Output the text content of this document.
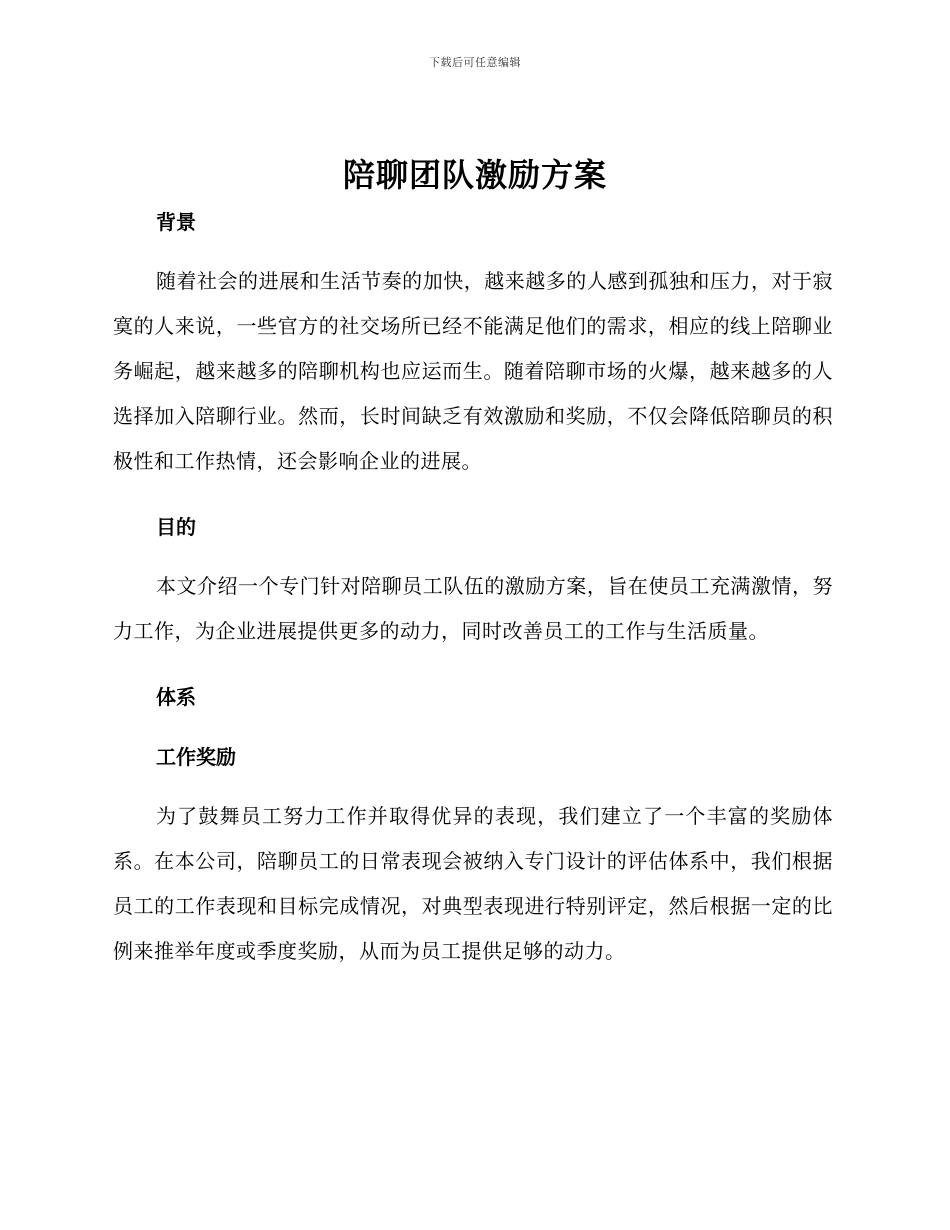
下载后可任意编辑
陪聊团队激励方案
背景

随着社会的进展和生活节奏的加快，越来越多的人感到孤独和压力，对于寂寞的人来说，一些官方的社交场所已经不能满足他们的需求，相应的线上陪聊业务崛起，越来越多的陪聊机构也应运而生。随着陪聊市场的火爆，越来越多的人选择加入陪聊行业。然而，长时间缺乏有效激励和奖励，不仅会降低陪聊员的积极性和工作热情，还会影响企业的进展。

目的

本文介绍一个专门针对陪聊员工队伍的激励方案，旨在使员工充满激情，努力工作，为企业进展提供更多的动力，同时改善员工的工作与生活质量。

体系
工作奖励

为了鼓舞员工努力工作并取得优异的表现，我们建立了一个丰富的奖励体系。在本公司，陪聊员工的日常表现会被纳入专门设计的评估体系中，我们根据员工的工作表现和目标完成情况，对典型表现进行特别评定，然后根据一定的比例来推举年度或季度奖励，从而为员工提供足够的动力。
